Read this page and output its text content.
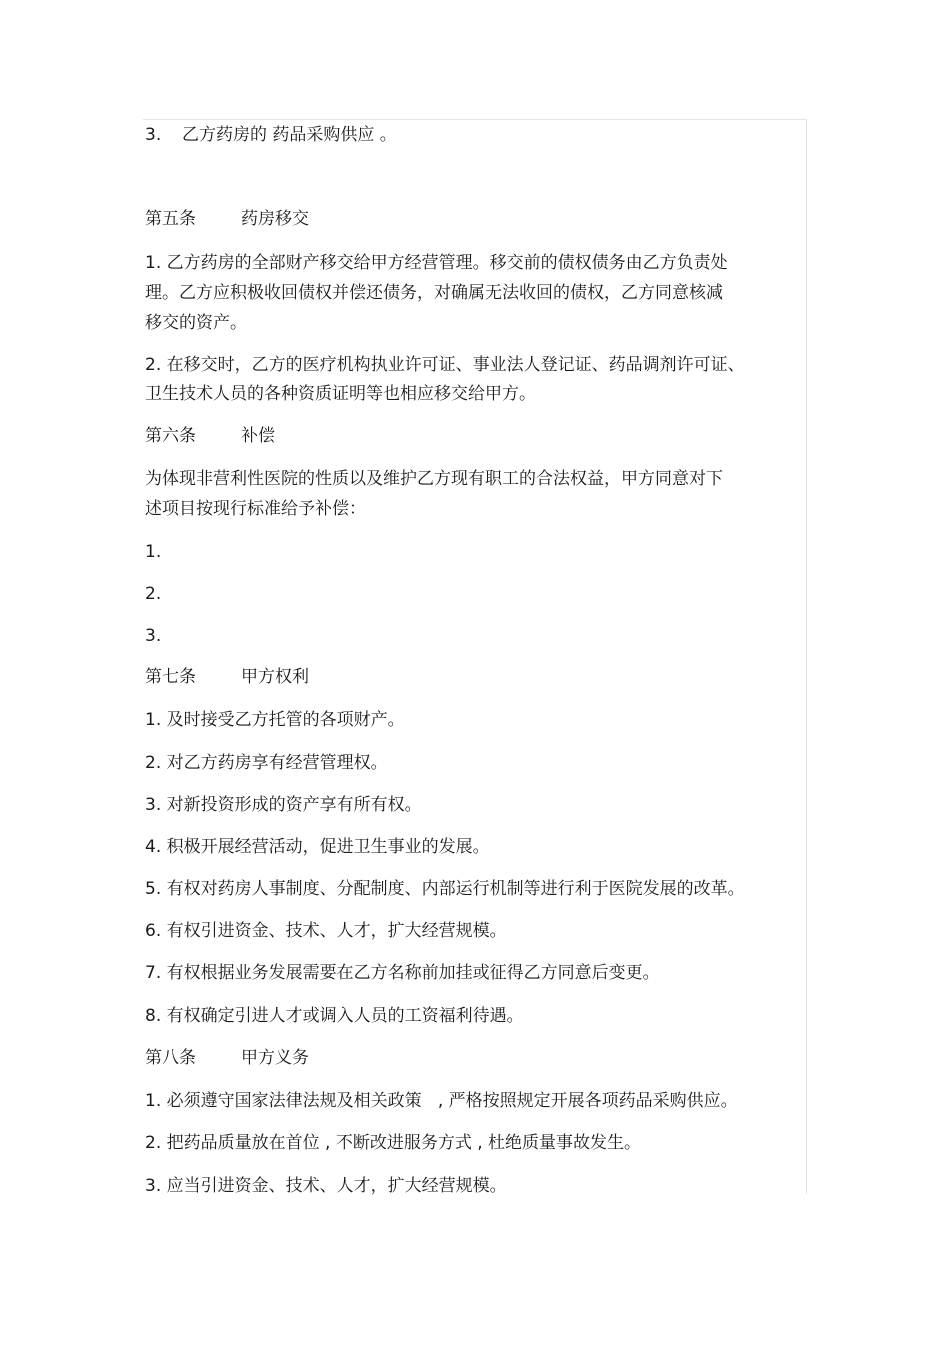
3. 乙方药房的 药品采购供应 。
第五条	药房移交
1. 乙方药房的全部财产移交给甲方经营管理。移交前的债权债务由乙方负责处
理。乙方应积极收回债权并偿还债务，对确属无法收回的债权，乙方同意核减
移交的资产。
2. 在移交时，乙方的医疗机构执业许可证、事业法人登记证、药品调剂许可证、
卫生技术人员的各种资质证明等也相应移交给甲方。
第六条	补偿
为体现非营利性医院的性质以及维护乙方现有职工的合法权益，甲方同意对下
述项目按现行标准给予补偿：
1.
2.
3.
第七条	甲方权利
1. 及时接受乙方托管的各项财产。
2. 对乙方药房享有经营管理权。
3. 对新投资形成的资产享有所有权。
4. 积极开展经营活动，促进卫生事业的发展。
5. 有权对药房人事制度、分配制度、内部运行机制等进行利于医院发展的改革。
6. 有权引进资金、技术、人才，扩大经营规模。
7. 有权根据业务发展需要在乙方名称前加挂或征得乙方同意后变更。
8. 有权确定引进人才或调入人员的工资福利待遇。
第八条	甲方义务
1. 必须遵守国家法律法规及相关政策   , 严格按照规定开展各项药品采购供应。
2. 把药品质量放在首位 , 不断改进服务方式 , 杜绝质量事故发生。
3. 应当引进资金、技术、人才，扩大经营规模。
